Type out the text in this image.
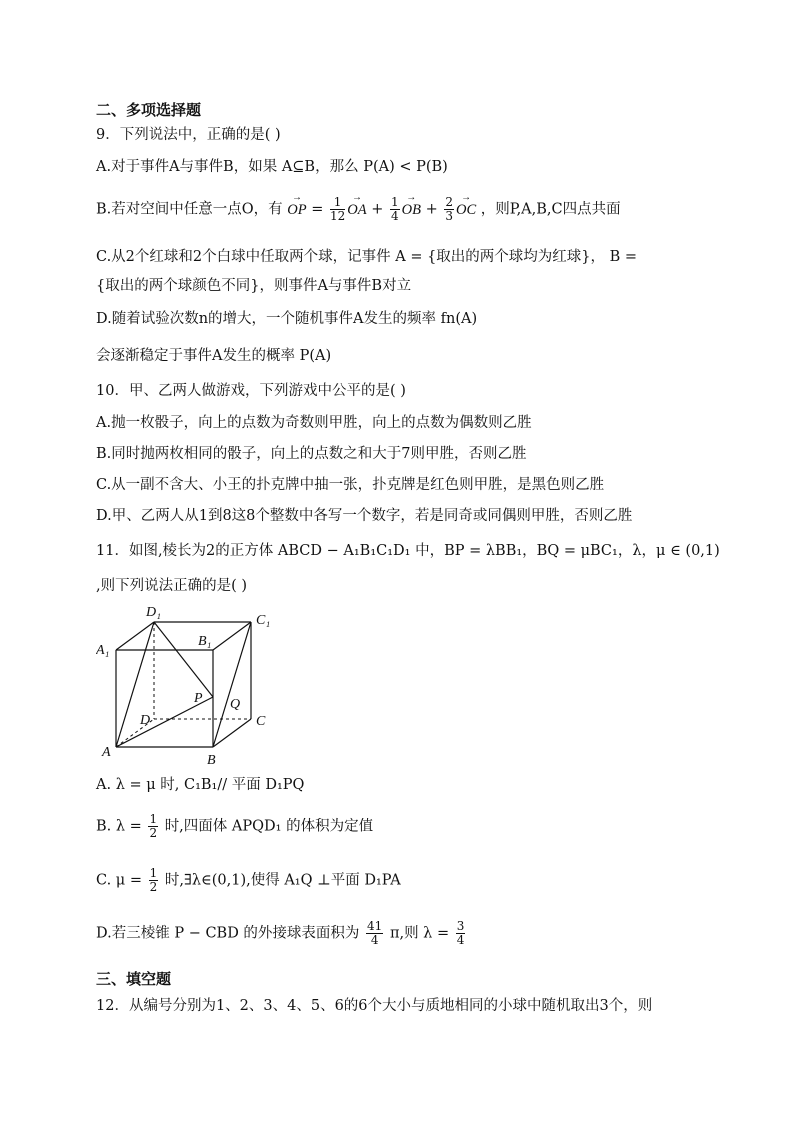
二、多项选择题
9．下列说法中，正确的是( )
A.对于事件A与事件B，如果 A⊆B，那么 P(A) < P(B)
B.若对空间中任意一点O，有 → OP = $\frac{1}{12}$ → OA + $\frac{1}{4}$ → OB + $\frac{2}{3}$ → OC ，则P,A,B,C四点共面
C.从2个红球和2个白球中任取两个球，记事件 A = {取出的两个球均为红球}， B =
{取出的两个球颜色不同}，则事件A与事件B对立
D.随着试验次数n的增大，一个随机事件A发生的频率 fn(A)
会逐渐稳定于事件A发生的概率 P(A)
10．甲、乙两人做游戏，下列游戏中公平的是( )
A.抛一枚骰子，向上的点数为奇数则甲胜，向上的点数为偶数则乙胜
B.同时抛两枚相同的骰子，向上的点数之和大于7则甲胜，否则乙胜
C.从一副不含大、小王的扑克牌中抽一张，扑克牌是红色则甲胜，是黑色则乙胜
D.甲、乙两人从1到8这8个整数中各写一个数字，若是同奇或同偶则甲胜，否则乙胜
11．如图,棱长为2的正方体 ABCD − A₁B₁C₁D₁ 中，BP = λBB₁，BQ = μBC₁，λ，μ ∈ (0,1)
,则下列说法正确的是( )
D₁
C₁
A₁
B₁
P Q
D	C
A
B
A. λ = μ 时, C₁B₁// 平面 D₁PQ
B. $\lambda = \frac{1}{2}$ 时,四面体 APQD₁ 的体积为定值
C. $\mu = \frac{1}{2}$ 时,∃λ∈(0,1),使得 A₁Q ⊥平面 D₁PA
D.若三棱锥 P − CBD 的外接球表面积为 $\frac{41}{4} \pi$,则 $\lambda = \frac{3}{4}$
三、填空题
12．从编号分别为1、2、3、4、5、6的6个大小与质地相同的小球中随机取出3个，则
